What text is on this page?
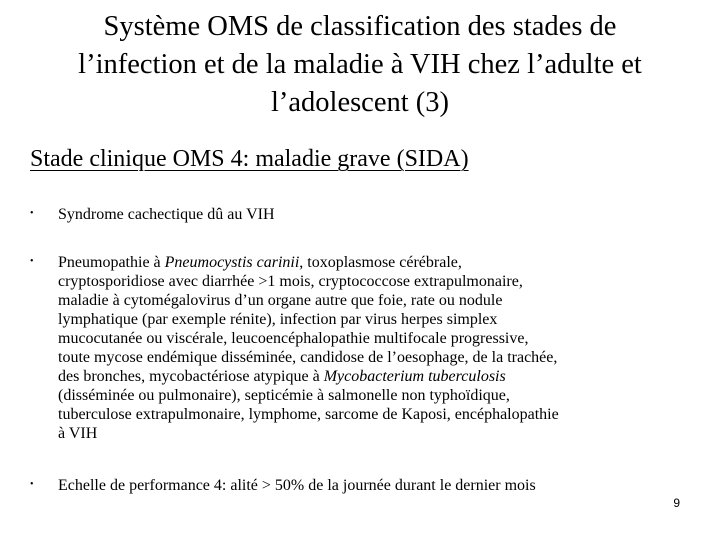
Système OMS de classification des stades de
l’infection et de la maladie à VIH chez l’adulte et
l’adolescent (3)
Stade clinique OMS 4: maladie grave (SIDA)
• Syndrome cachectique dû au VIH
• Pneumopathie à Pneumocystis carinii, toxoplasmose cérébrale,
cryptosporidiose avec diarrhée >1 mois, cryptococcose extrapulmonaire,
maladie à cytomégalovirus d’un organe autre que foie, rate ou nodule
lymphatique (par exemple rénite), infection par virus herpes simplex
mucocutanée ou viscérale, leucoencéphalopathie multifocale progressive,
toute mycose endémique disséminée, candidose de l’oesophage, de la trachée,
des bronches, mycobactériose atypique à Mycobacterium tuberculosis
(disséminée ou pulmonaire), septicémie à salmonelle non typhoïdique,
tuberculose extrapulmonaire, lymphome, sarcome de Kaposi, encéphalopathie
à VIH
• Echelle de performance 4: alité > 50% de la journée durant le dernier mois
9
